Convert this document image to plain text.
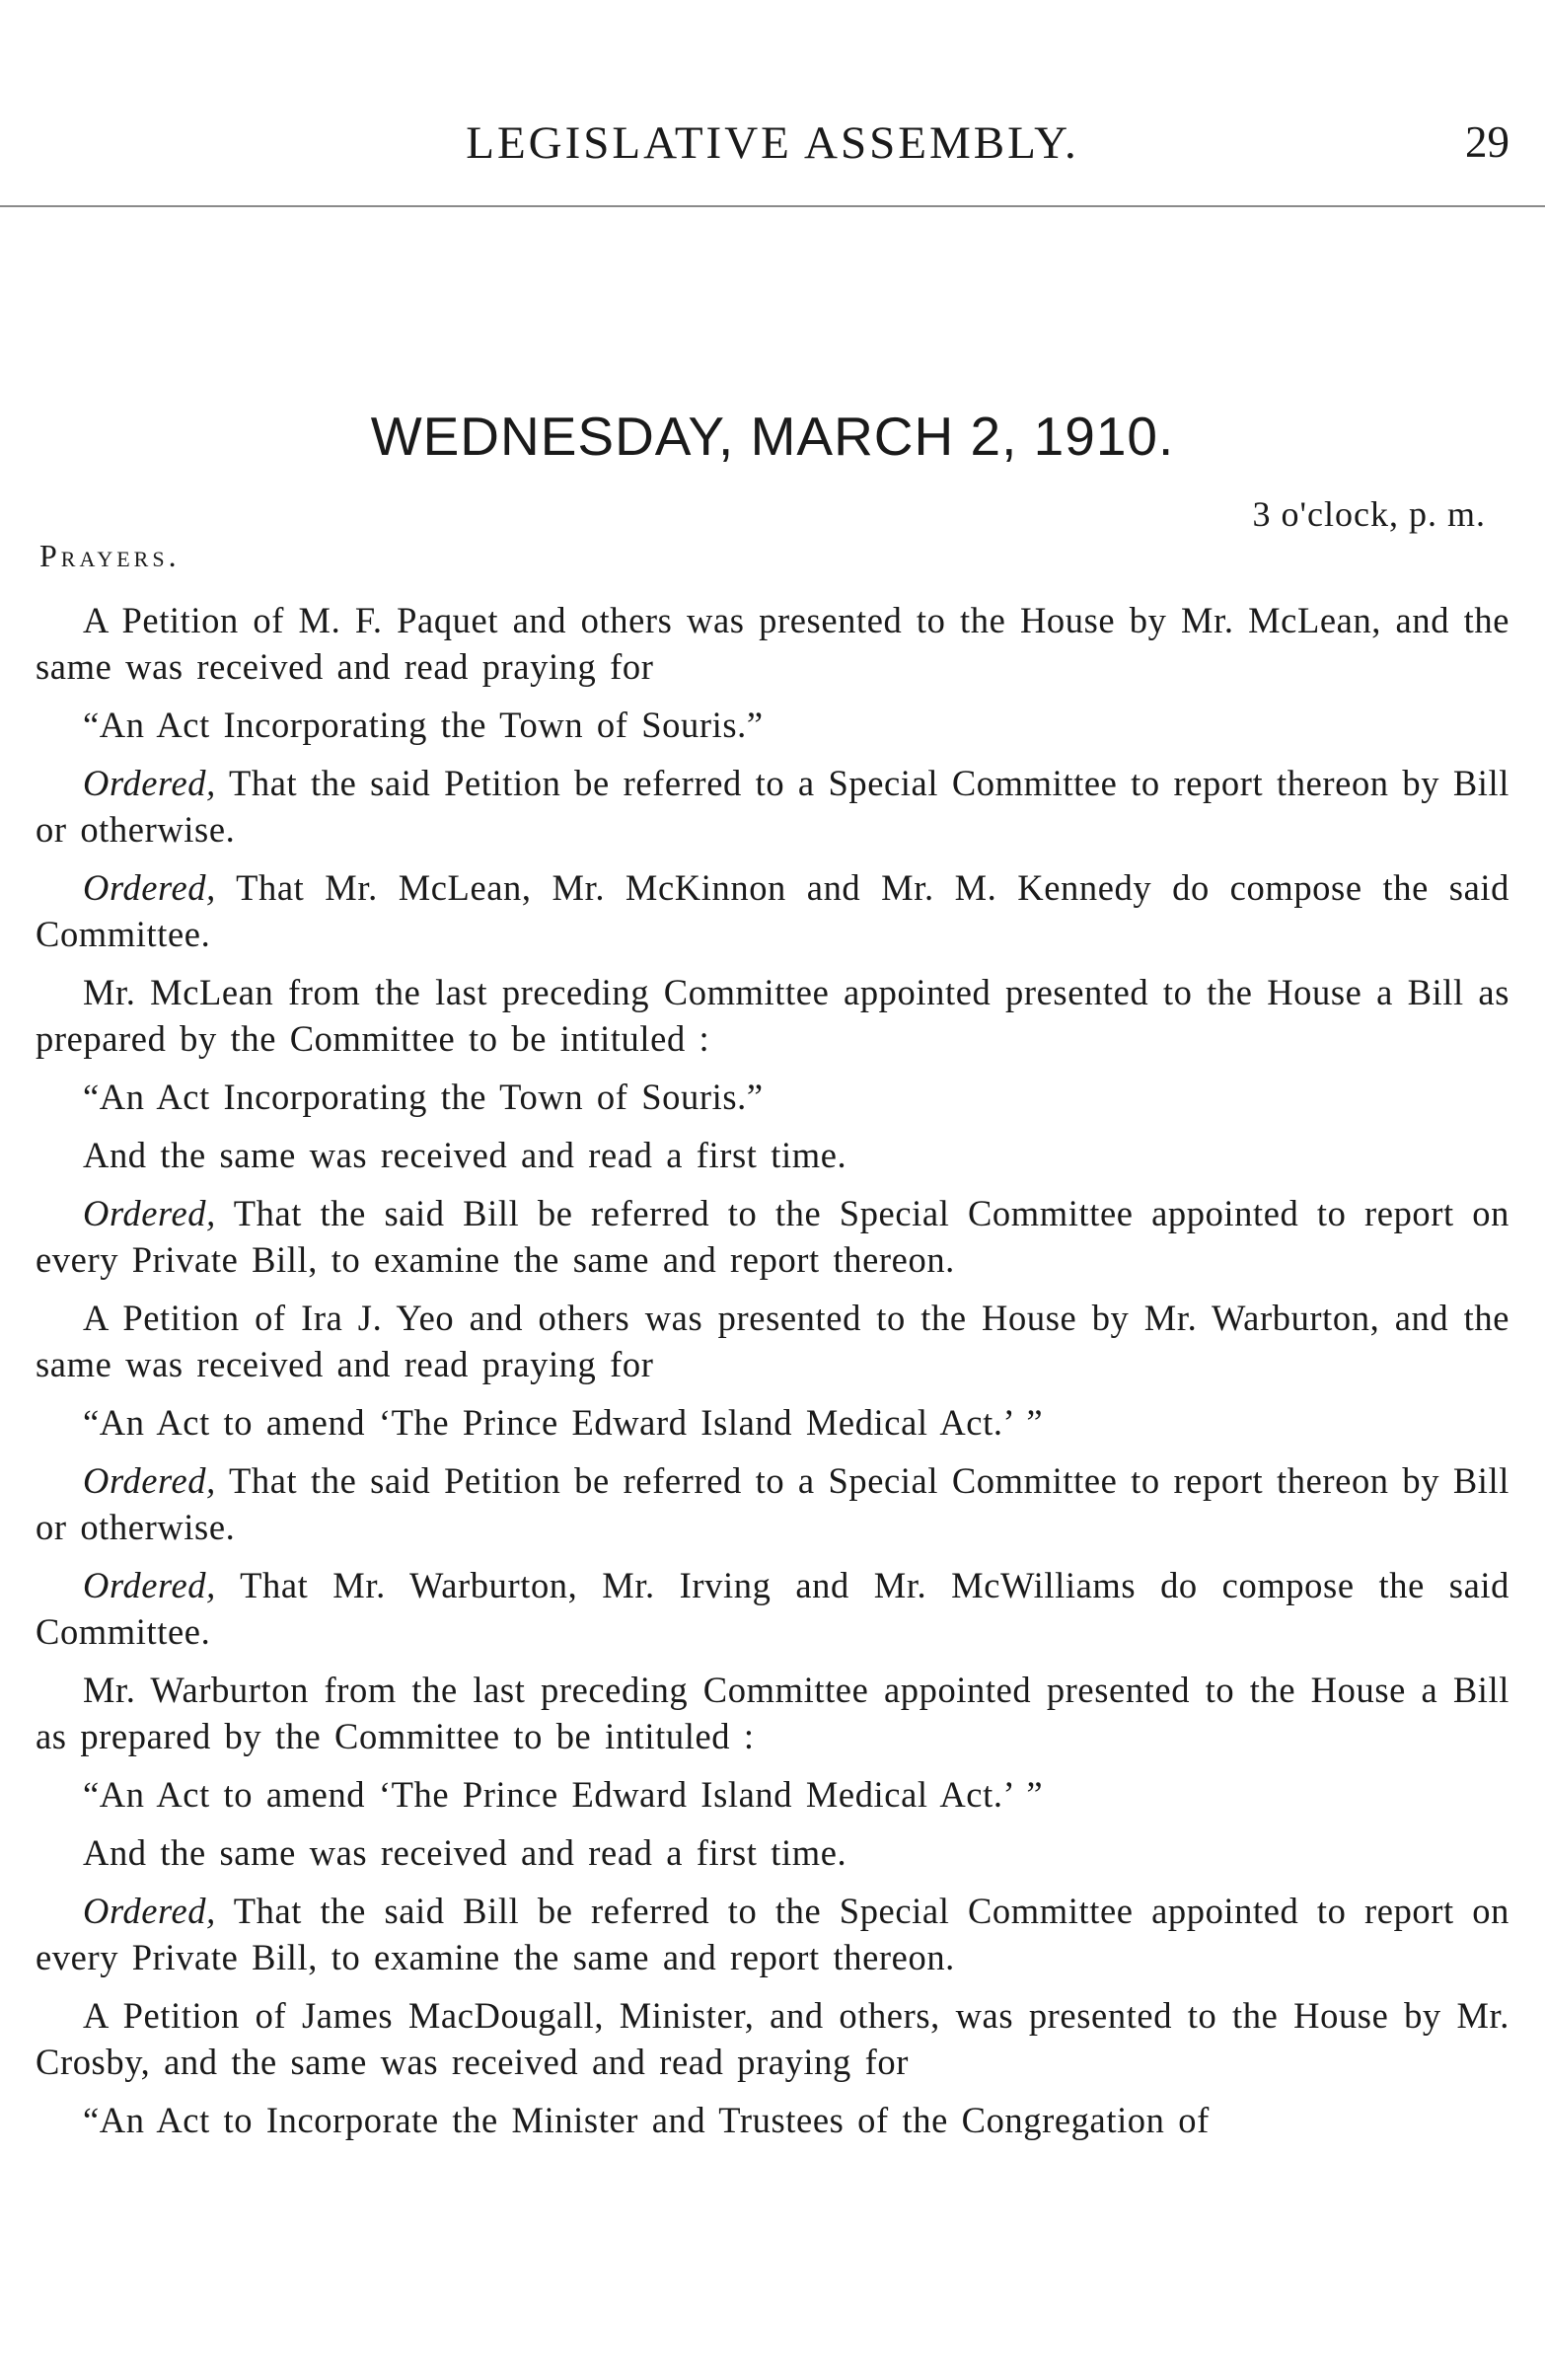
LEGISLATIVE ASSEMBLY.	29
WEDNESDAY, MARCH 2, 1910.
3 o'clock, p. m.
Prayers.
A Petition of M. F. Paquet and others was presented to the House by Mr. McLean, and the same was received and read praying for
“An Act Incorporating the Town of Souris.”
Ordered, That the said Petition be referred to a Special Committee to report thereon by Bill or otherwise.
Ordered, That Mr. McLean, Mr. McKinnon and Mr. M. Kennedy do compose the said Committee.
Mr. McLean from the last preceding Committee appointed presented to the House a Bill as prepared by the Committee to be intituled :
“An Act Incorporating the Town of Souris.”
And the same was received and read a first time.
Ordered, That the said Bill be referred to the Special Committee appointed to report on every Private Bill, to examine the same and report thereon.
A Petition of Ira J. Yeo and others was presented to the House by Mr. Warburton, and the same was received and read praying for
“An Act to amend ‘The Prince Edward Island Medical Act.’ ”
Ordered, That the said Petition be referred to a Special Committee to report thereon by Bill or otherwise.
Ordered, That Mr. Warburton, Mr. Irving and Mr. McWilliams do compose the said Committee.
Mr. Warburton from the last preceding Committee appointed presented to the House a Bill as prepared by the Committee to be intituled :
“An Act to amend ‘The Prince Edward Island Medical Act.’ ”
And the same was received and read a first time.
Ordered, That the said Bill be referred to the Special Committee appointed to report on every Private Bill, to examine the same and report thereon.
A Petition of James MacDougall, Minister, and others, was presented to the House by Mr. Crosby, and the same was received and read praying for
“An Act to Incorporate the Minister and Trustees of the Congregation of
